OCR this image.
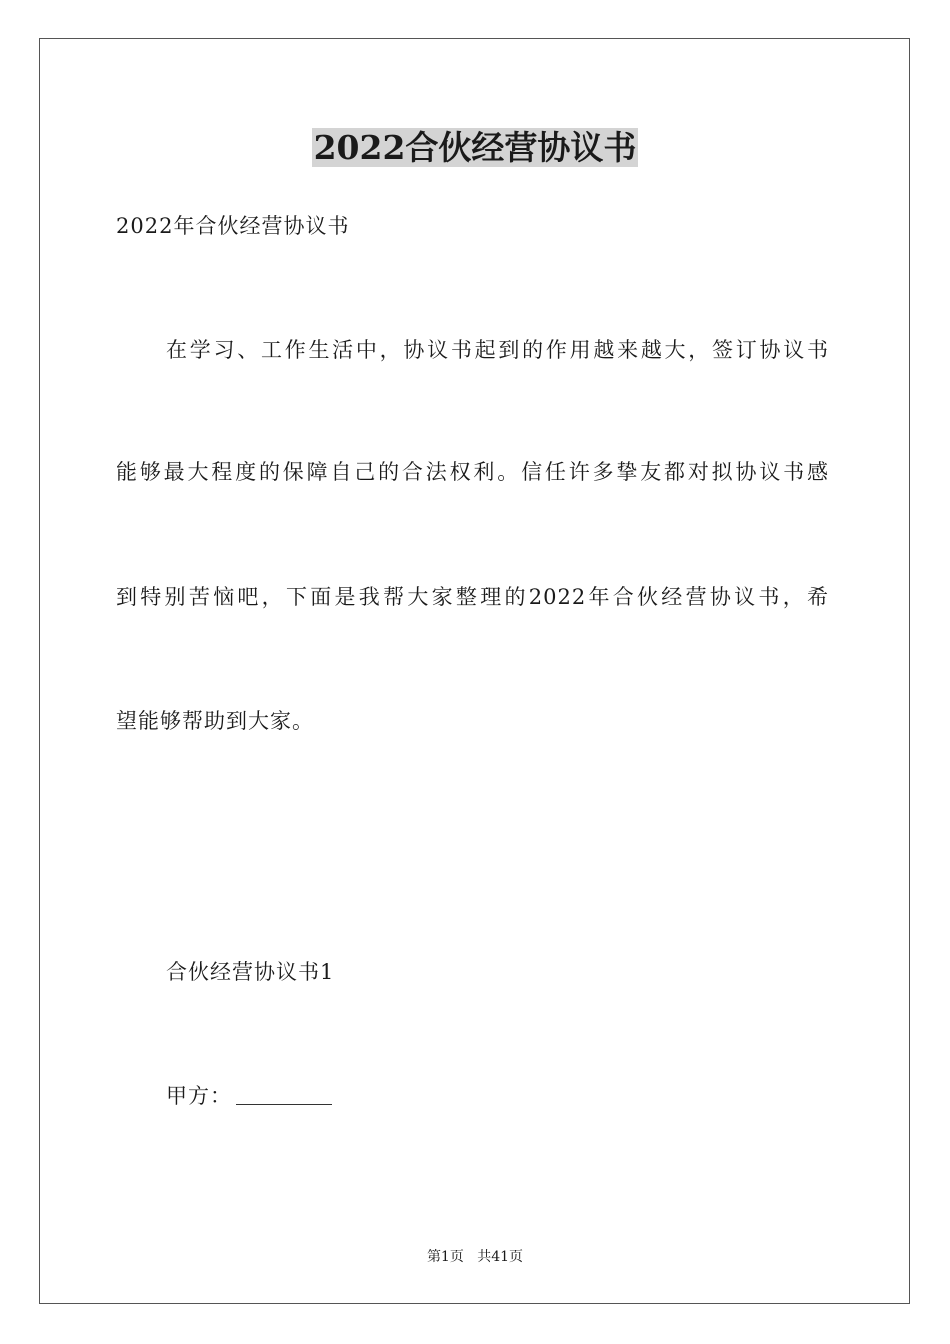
2022合伙经营协议书
2022年合伙经营协议书
在学习、工作生活中，协议书起到的作用越来越大，签订协议书
能够最大程度的保障自己的合法权利。信任许多挚友都对拟协议书感
到特别苦恼吧，下面是我帮大家整理的2022年合伙经营协议书，希
望能够帮助到大家。
合伙经营协议书1
甲方：
第1页 共41页
